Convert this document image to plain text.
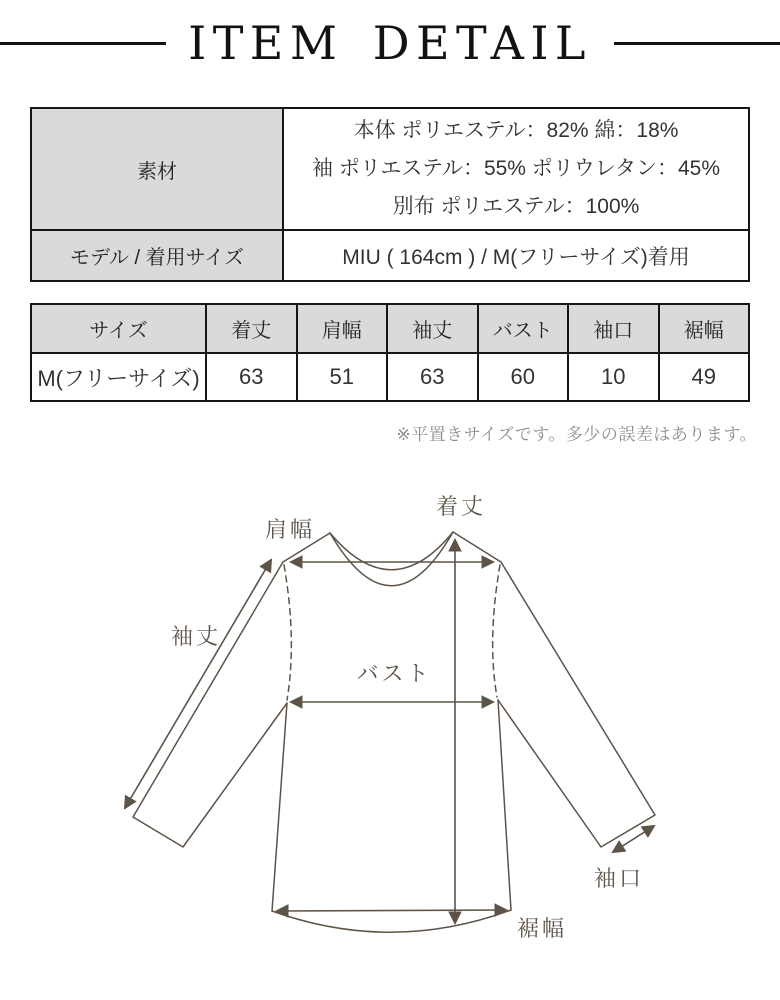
ITEM DETAIL
素材	本体 ポリエステル：82% 綿：18%
袖 ポリエステル：55% ポリウレタン：45%
別布 ポリエステル：100%

モデル / 着用サイズ	MIU ( 164cm ) / M(フリーサイズ)着用
サイズ	着丈	肩幅	袖丈	バスト	袖口	裾幅
M(フリーサイズ)	63	51	63	60	10	49
※平置きサイズです。多少の誤差はあります。
着丈
肩幅
袖丈
バスト
袖口
裾幅
